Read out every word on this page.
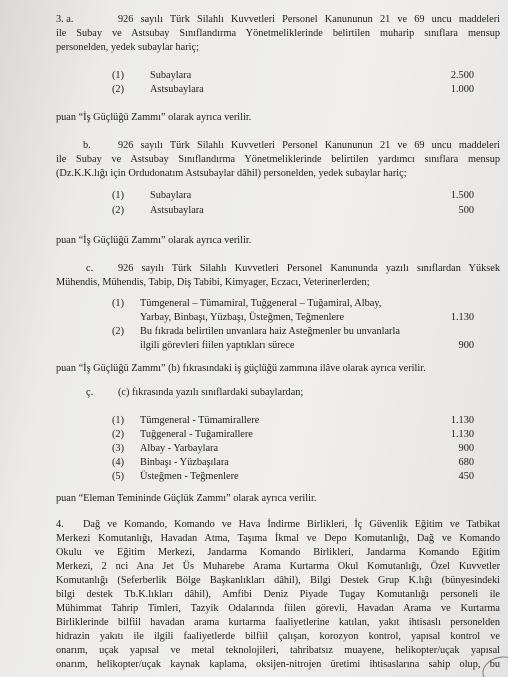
3. a.	926 sayılı Türk Silahlı Kuvvetleri Personel Kanununun 21 ve 69 uncu maddeleri
ile Subay ve Astsubay Sınıflandırma Yönetmeliklerinde belirtilen muharip sınıflara mensup
personelden, yedek subaylar hariç;
(1)	Subaylara	2.500
(2)	Astsubaylara	1.000
puan “İş Güçlüğü Zammı” olarak ayrıca verilir.
b.	926 sayılı Türk Silahlı Kuvvetleri Personel Kanununun 21 ve 69 uncu maddeleri
ile Subay ve Astsubay Sınıflandırma Yönetmeliklerinde belirtilen yardımcı sınıflara mensup
(Dz.K.K.lığı için Ordudonatım Astsubaylar dâhil) personelden, yedek subaylar hariç;
(1)	Subaylara	1.500
(2)	Astsubaylara	500
puan “İş Güçlüğü Zammı” olarak ayrıca verilir.
c.	926 sayılı Türk Silahlı Kuvvetleri Personel Kanununda yazılı sınıflardan Yüksek
Mühendis, Mühendis, Tabip, Diş Tabibi, Kimyager, Eczacı, Veterinerlerden;
(1)	Tümgeneral – Tümamiral, Tuğgeneral – Tuğamiral, Albay,
Yarbay, Binbaşı, Yüzbaşı, Üsteğmen, Teğmenlere	1.130
(2)	Bu fıkrada belirtilen unvanlara haiz Asteğmenler bu unvanlarla
ilgili görevleri fiilen yaptıkları sürece	900
puan “İş Güçlüğü Zammı” (b) fıkrasındaki iş güçlüğü zammına ilâve olarak ayrıca verilir.
ç.	(c) fıkrasında yazılı sınıflardaki subaylardan;
(1)	Tümgeneral - Tümamirallere	1.130
(2)	Tuğgeneral - Tuğamirallere	1.130
(3)	Albay - Yarbaylara	900
(4)	Binbaşı - Yüzbaşılara	680
(5)	Üsteğmen - Teğmenlere	450
puan “Eleman Temininde Güçlük Zammı” olarak ayrıca verilir.
4.	Dağ ve Komando, Komando ve Hava İndirme Birlikleri, İç Güvenlik Eğitim ve Tatbikat
Merkezi Komutanlığı, Havadan Atma, Taşıma İkmal ve Depo Komutanlığı, Dağ ve Komando
Okulu ve Eğitim Merkezi, Jandarma Komando Birlikleri, Jandarma Komando Eğitim
Merkezi, 2 nci Ana Jet Üs Muharebe Arama Kurtarma Okul Komutanlığı, Özel Kuvvetler
Komutanlığı (Seferberlik Bölge Başkanlıkları dâhil), Bilgi Destek Grup K.lığı (bünyesindeki
bilgi destek Tb.K.lıkları dâhil), Amfibi Deniz Piyade Tugay Komutanlığı personeli ile
Mühimmat Tahrip Timleri, Tazyik Odalarında fiilen görevli, Havadan Arama ve Kurtarma
Birliklerinde bilfiil havadan arama kurtarma faaliyetlerine katılan, yakıt ihtisaslı personelden
hidrazin yakıtı ile ilgili faaliyetlerde bilfiil çalışan, korozyon kontrol, yapısal kontrol ve
onarım, uçak yapısal ve metal teknolojileri, tahribatsız muayene, helikopter/uçak yapısal
onarım, helikopter/uçak kaynak kaplama, oksijen-nitrojen üretimi ihtisaslarına sahip olup, bu
